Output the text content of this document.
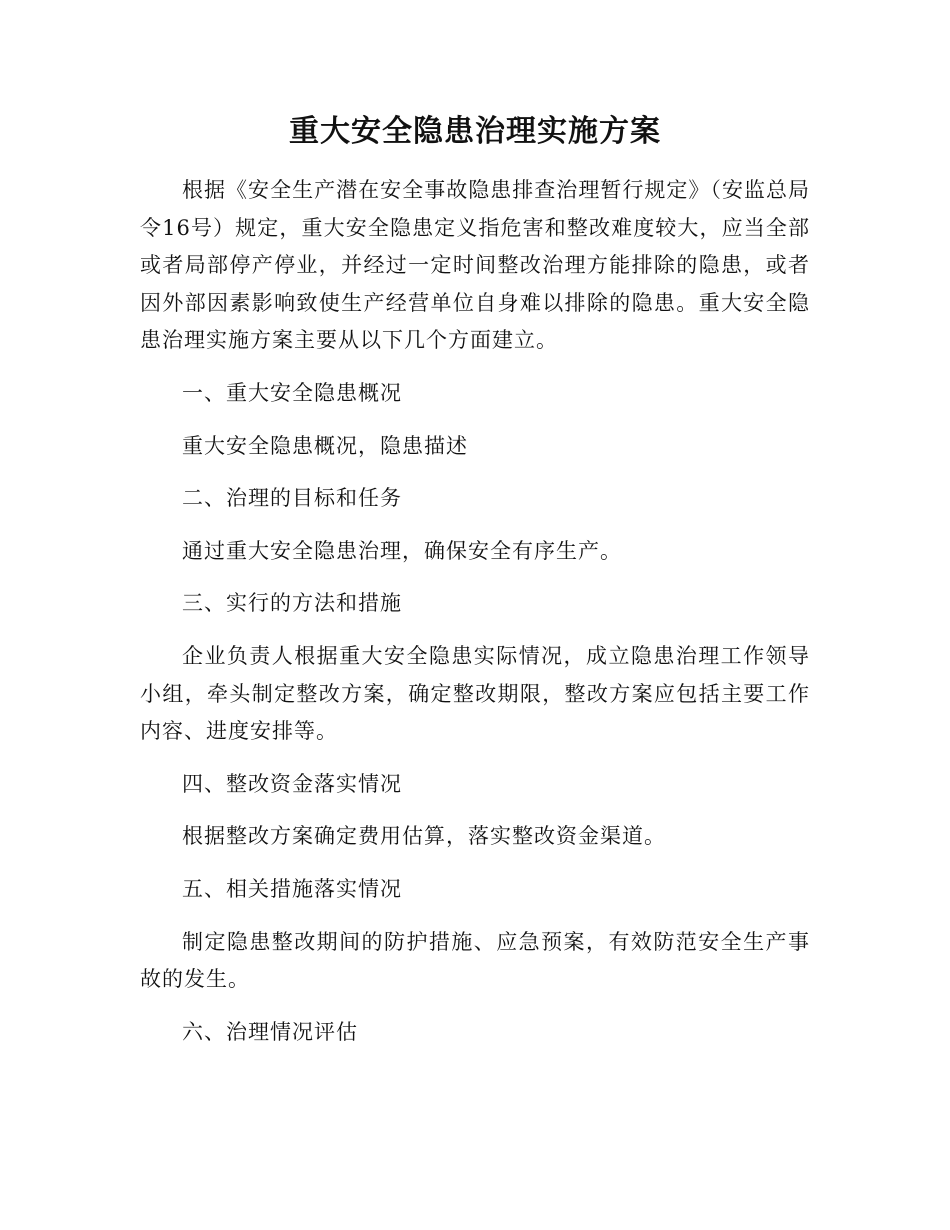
重大安全隐患治理实施方案

根据《安全生产潜在安全事故隐患排查治理暂行规定》（安监总局令16号）规定，重大安全隐患定义指危害和整改难度较大，应当全部或者局部停产停业，并经过一定时间整改治理方能排除的隐患，或者因外部因素影响致使生产经营单位自身难以排除的隐患。重大安全隐患治理实施方案主要从以下几个方面建立。

一、重大安全隐患概况

重大安全隐患概况，隐患描述

二、治理的目标和任务

通过重大安全隐患治理，确保安全有序生产。

三、实行的方法和措施

企业负责人根据重大安全隐患实际情况，成立隐患治理工作领导小组，牵头制定整改方案，确定整改期限，整改方案应包括主要工作内容、进度安排等。

四、整改资金落实情况

根据整改方案确定费用估算，落实整改资金渠道。

五、相关措施落实情况

制定隐患整改期间的防护措施、应急预案，有效防范安全生产事故的发生。

六、治理情况评估
